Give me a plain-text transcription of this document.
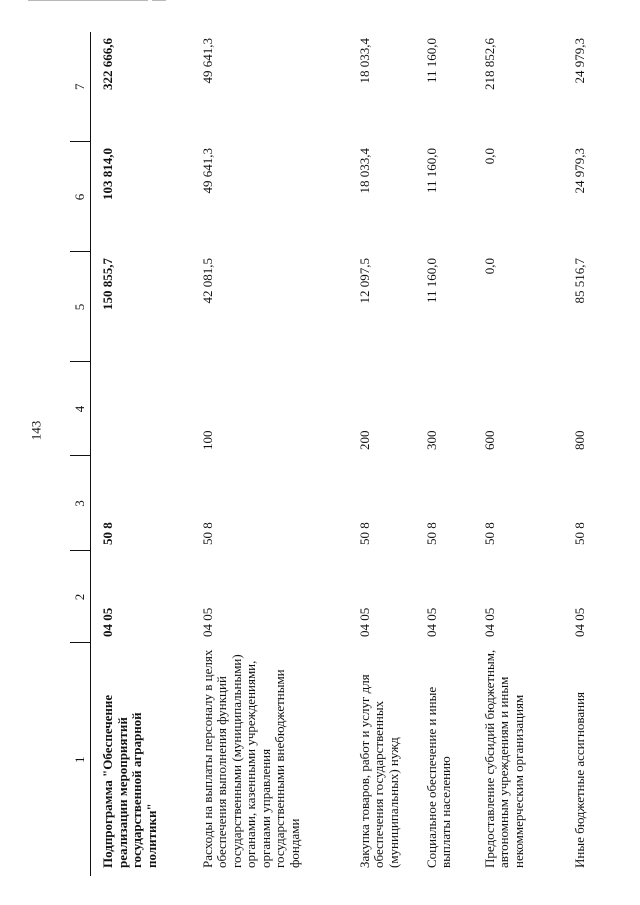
143
1	2	3	4	5	6	7
Подпрограмма "Обеспечение реализации мероприятий государственной аграрной политики"	04 05	50 8		150 855,7	103 814,0	322 666,6
Расходы на выплаты персоналу в целях обеспечения выполнения функций государственными (муниципальными) органами, казенными учреждениями, органами управления государственными внебюджетными фондами	04 05	50 8	100	42 081,5	49 641,3	49 641,3
Закупка товаров, работ и услуг для обеспечения государственных (муниципальных) нужд	04 05	50 8	200	12 097,5	18 033,4	18 033,4
Социальное обеспечение и иные выплаты населению	04 05	50 8	300	11 160,0	11 160,0	11 160,0
Предоставление субсидий бюджетным, автономным учреждениям и иным некоммерческим организациям	04 05	50 8	600	0,0	0,0	218 852,6
Иные бюджетные ассигнования	04 05	50 8	800	85 516,7	24 979,3	24 979,3
